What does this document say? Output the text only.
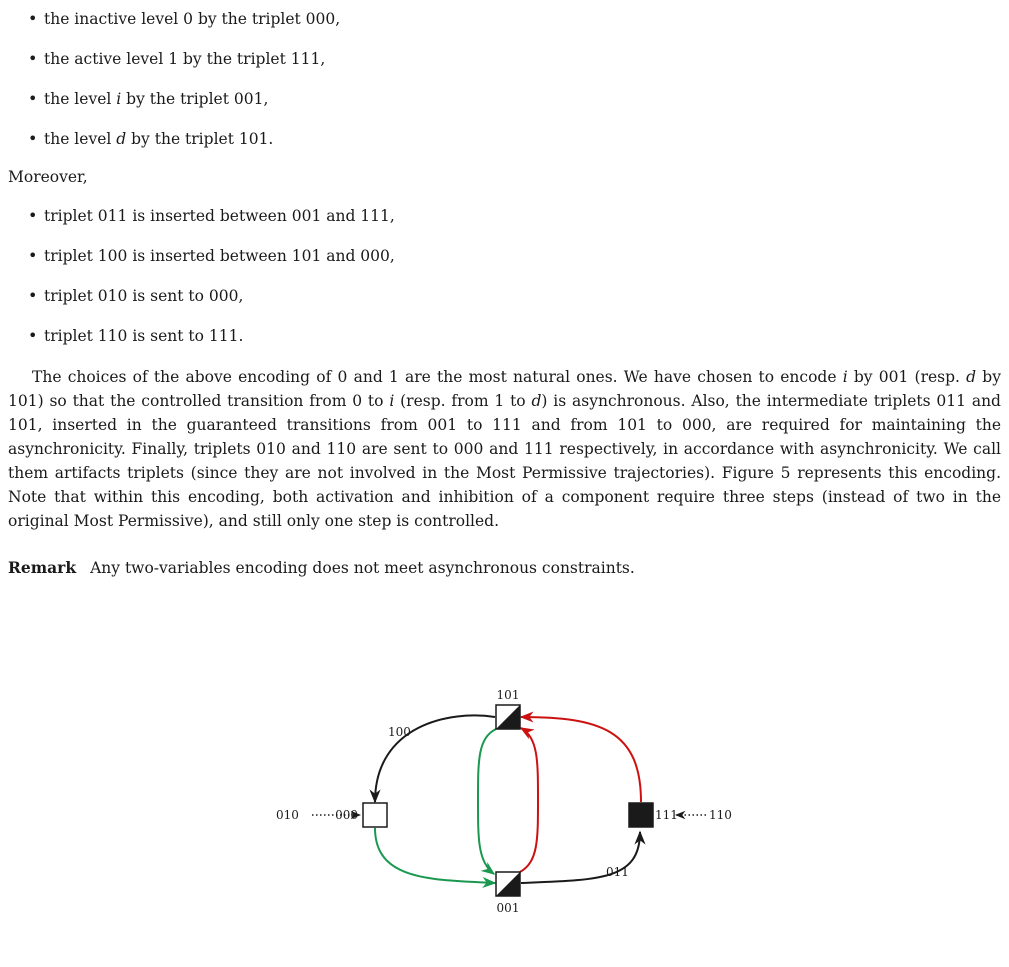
• the inactive level 0 by the triplet 000,
• the active level 1 by the triplet 111,
• the level i by the triplet 001,
• the level d by the triplet 101.
Moreover,
• triplet 011 is inserted between 001 and 111,
• triplet 100 is inserted between 101 and 000,
• triplet 010 is sent to 000,
• triplet 110 is sent to 111.

The choices of the above encoding of 0 and 1 are the most natural ones. We have chosen to encode i by 001 (resp. d by 101) so that the controlled transition from 0 to i (resp. from 1 to d) is asynchronous. Also, the intermediate triplets 011 and 101, inserted in the guaranteed transitions from 001 to 111 and from 101 to 000, are required for maintaining the asynchronicity. Finally, triplets 010 and 110 are sent to 000 and 111 respectively, in accordance with asynchronicity. We call them artifacts triplets (since they are not involved in the Most Permissive trajectories). Figure 5 represents this encoding. Note that within this encoding, both activation and inhibition of a component require three steps (instead of two in the original Most Permissive), and still only one step is controlled.

Remark Any two-variables encoding does not meet asynchronous constraints.
101
001
000	111
010	110
100
011
